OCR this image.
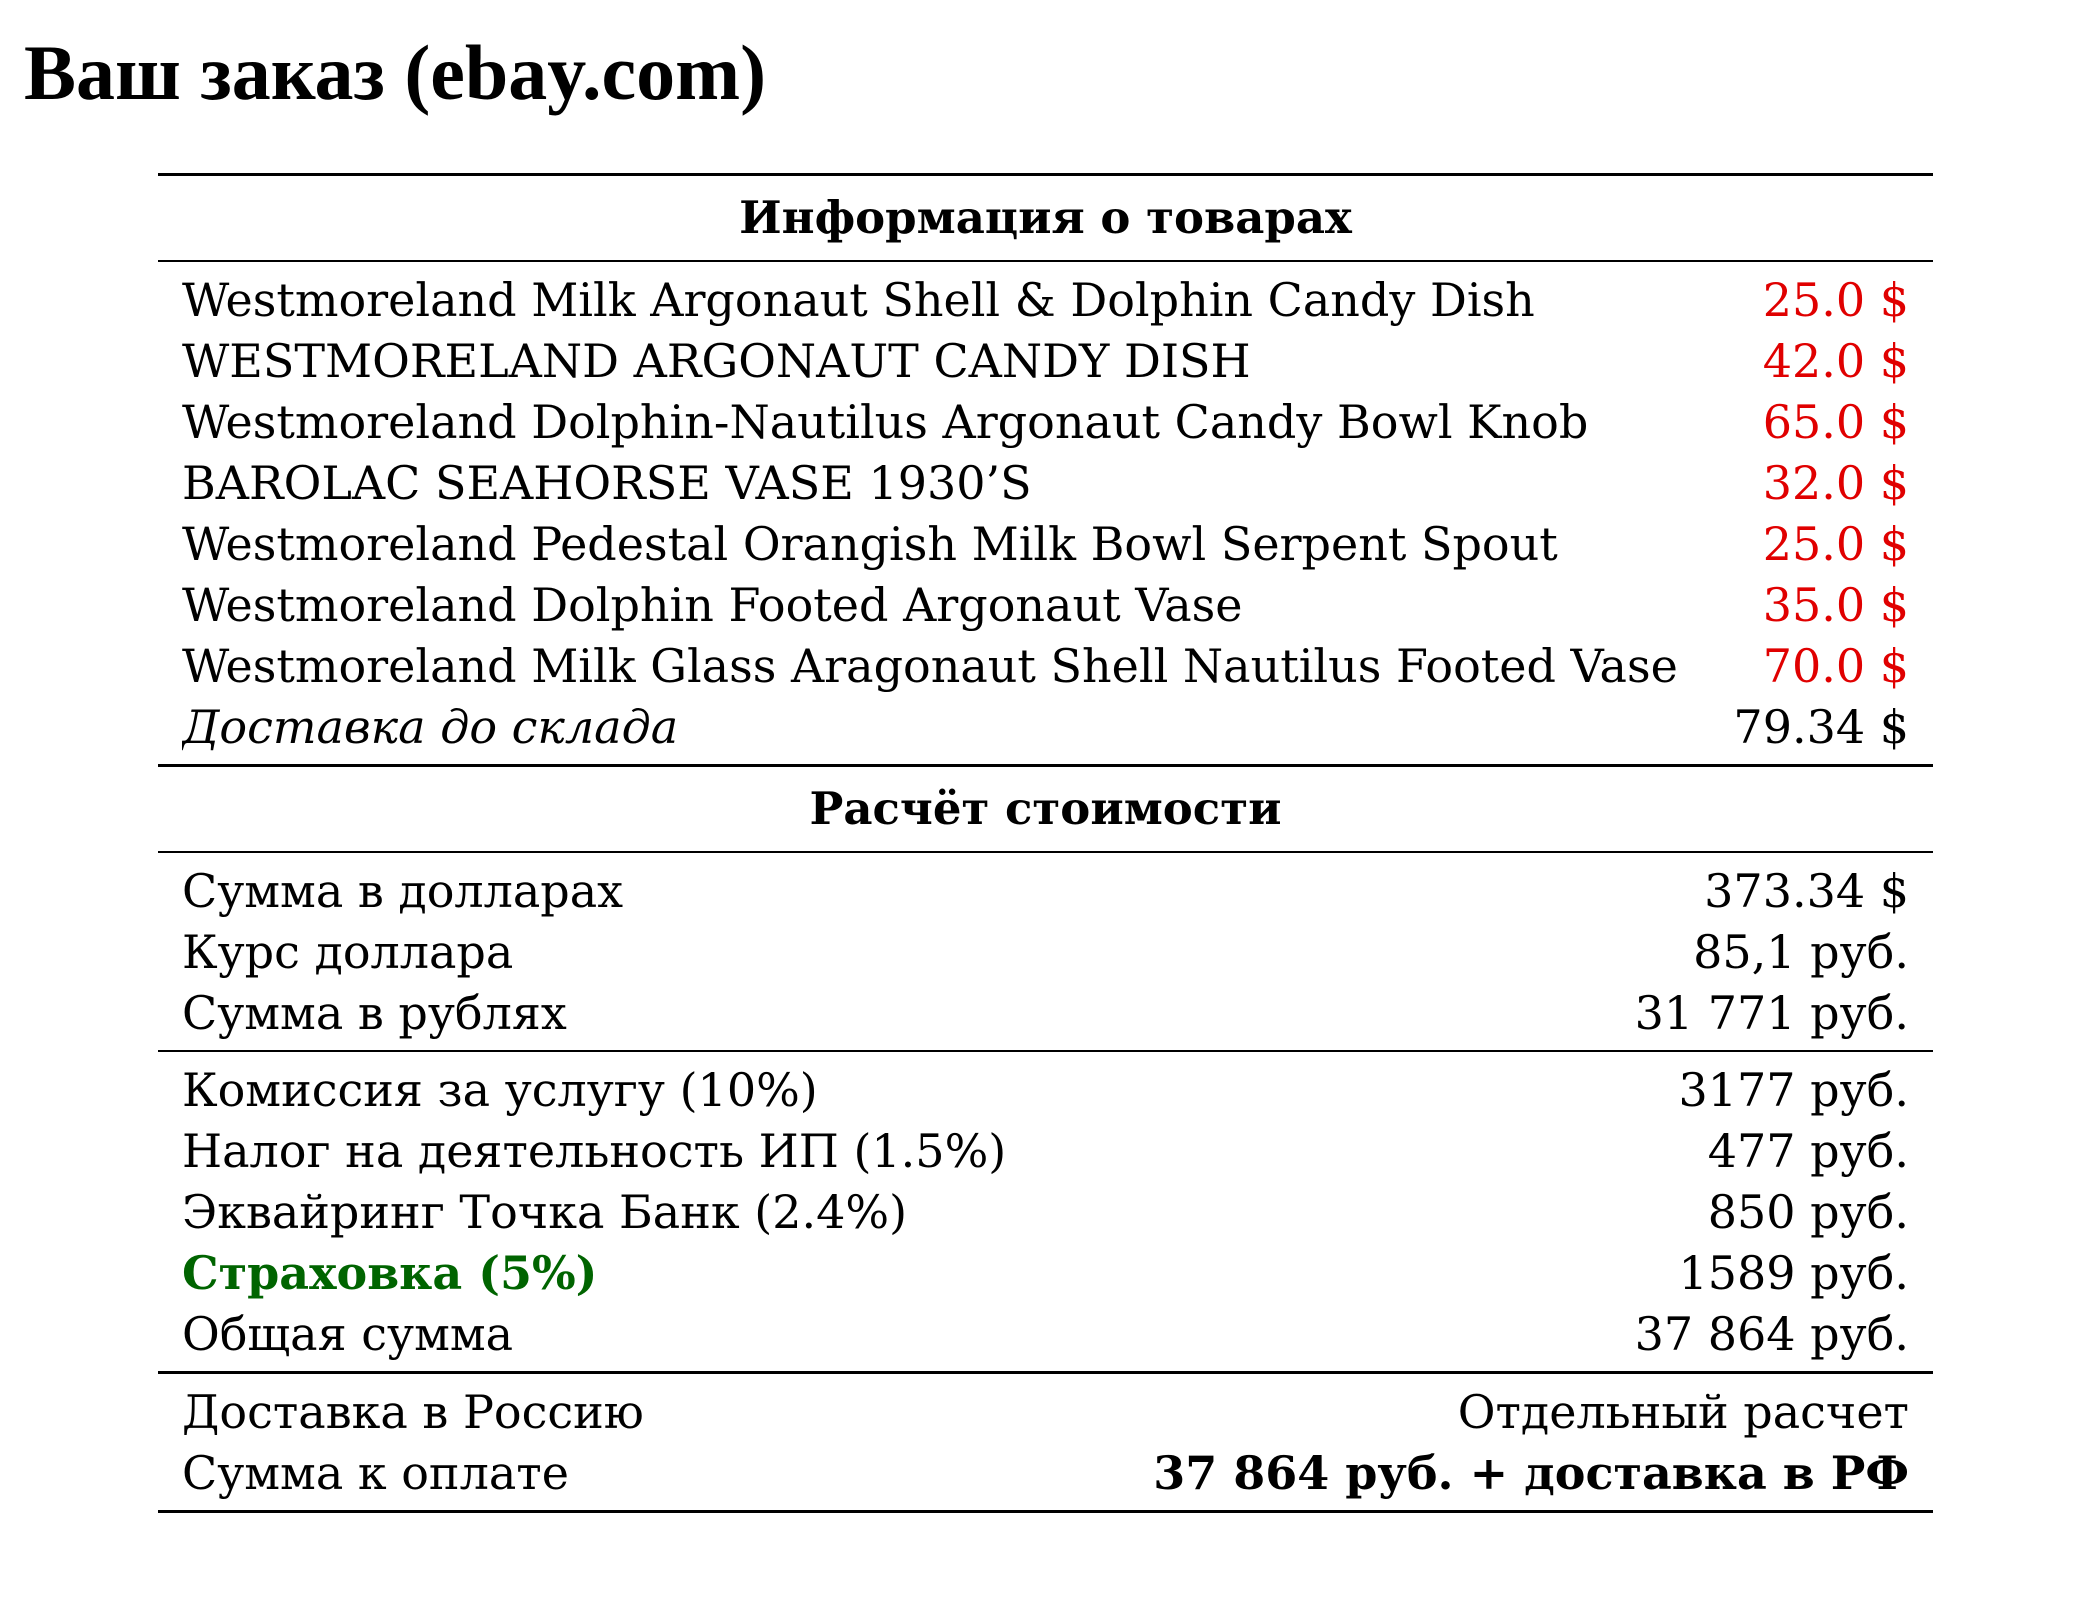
Ваш заказ (ebay.com)
Информация о товарах
Westmoreland Milk Argonaut Shell & Dolphin Candy Dish	25.0 $
WESTMORELAND ARGONAUT CANDY DISH	42.0 $
Westmoreland Dolphin-Nautilus Argonaut Candy Bowl Knob	65.0 $
BAROLAC SEAHORSE VASE 1930’S	32.0 $
Westmoreland Pedestal Orangish Milk Bowl Serpent Spout	25.0 $
Westmoreland Dolphin Footed Argonaut Vase	35.0 $
Westmoreland Milk Glass Aragonaut Shell Nautilus Footed Vase	70.0 $
Доставка до склада	79.34 $
Расчёт стоимости
Сумма в долларах	373.34 $
Курс доллара	85,1 руб.
Сумма в рублях	31 771 руб.
Комиссия за услугу (10%)	3177 руб.
Налог на деятельность ИП (1.5%)	477 руб.
Эквайринг Точка Банк (2.4%)	850 руб.
Страховка (5%)	1589 руб.
Общая сумма	37 864 руб.
Доставка в Россию	Отдельный расчет
Сумма к оплате	37 864 руб. + доставка в РФ
